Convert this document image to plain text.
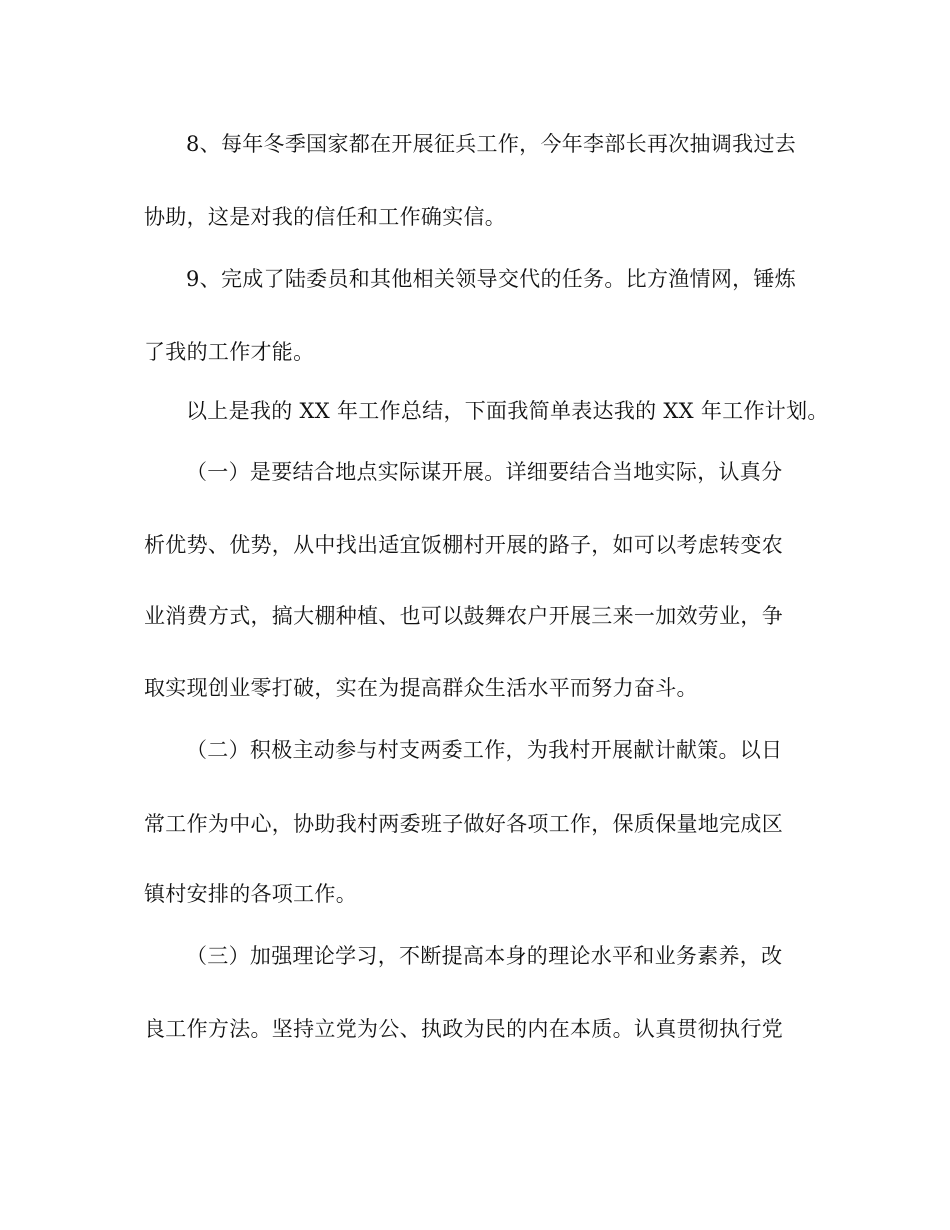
8、每年冬季国家都在开展征兵工作，今年李部长再次抽调我过去
协助，这是对我的信任和工作确实信。
9、完成了陆委员和其他相关领导交代的任务。比方渔情网，锤炼
了我的工作才能。
以上是我的 XX 年工作总结，下面我简单表达我的 XX 年工作计划。
（一）是要结合地点实际谋开展。详细要结合当地实际，认真分
析优势、优势，从中找出适宜饭棚村开展的路子，如可以考虑转变农
业消费方式，搞大棚种植、也可以鼓舞农户开展三来一加效劳业，争
取实现创业零打破，实在为提高群众生活水平而努力奋斗。
（二）积极主动参与村支两委工作，为我村开展献计献策。以日
常工作为中心，协助我村两委班子做好各项工作，保质保量地完成区
镇村安排的各项工作。
（三）加强理论学习，不断提高本身的理论水平和业务素养，改
良工作方法。坚持立党为公、执政为民的内在本质。认真贯彻执行党
